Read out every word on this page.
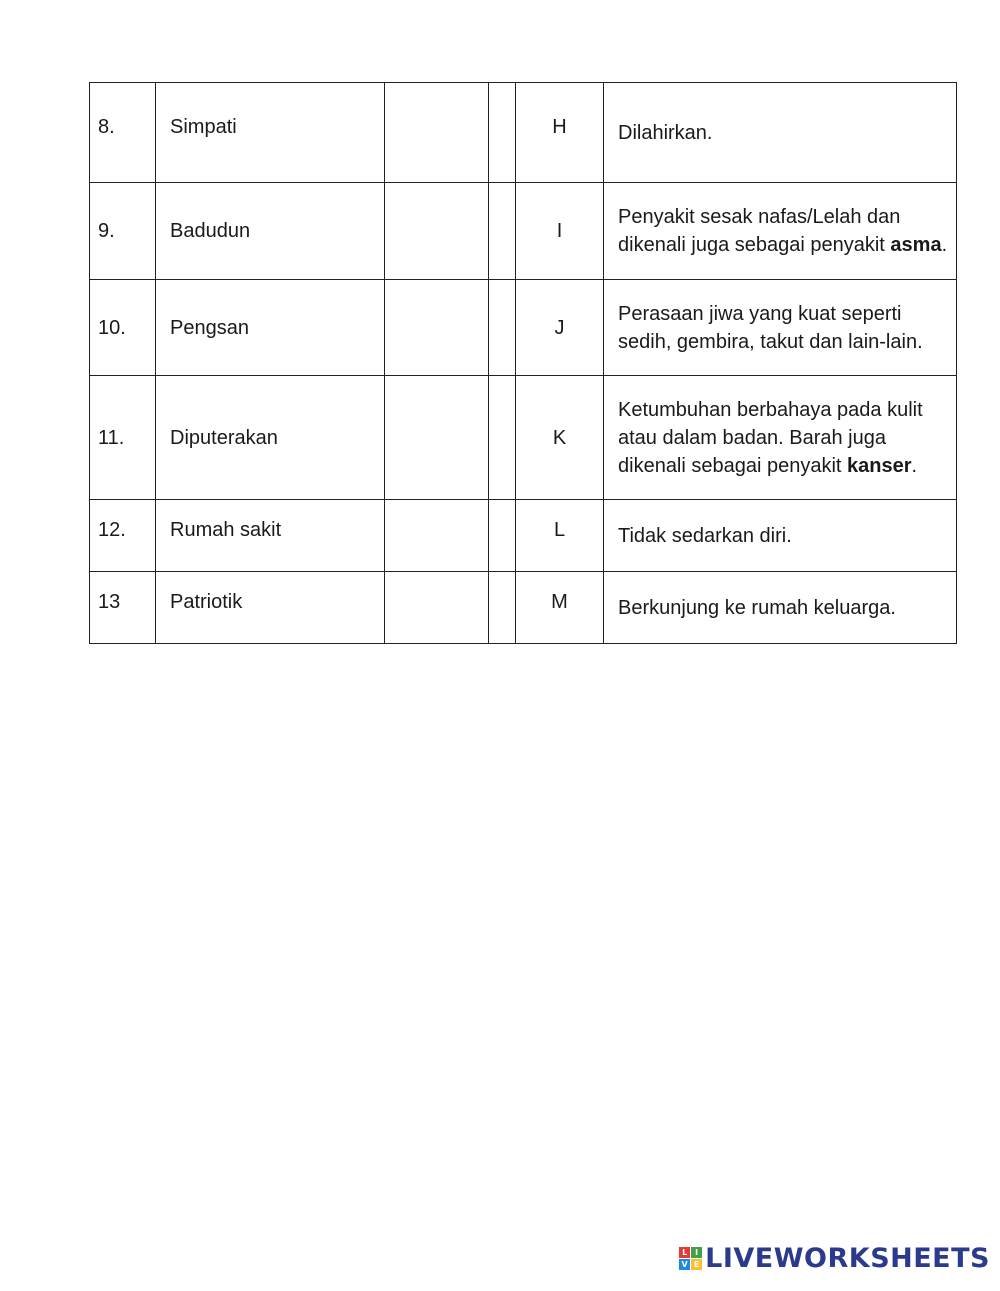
8.	Simpati			H	Dilahirkan.
9.	Badudun			I	Penyakit sesak nafas/Lelah dan dikenali juga sebagai penyakit asma.
10.	Pengsan			J	Perasaan jiwa yang kuat seperti sedih, gembira, takut dan lain-lain.
11.	Diputerakan			K	Ketumbuhan berbahaya pada kulit atau dalam badan. Barah juga dikenali sebagai penyakit kanser.
12.	Rumah sakit			L	Tidak sedarkan diri.
13	Patriotik			M	Berkunjung ke rumah keluarga.
L I
V E LIVEWORKSHEETS
